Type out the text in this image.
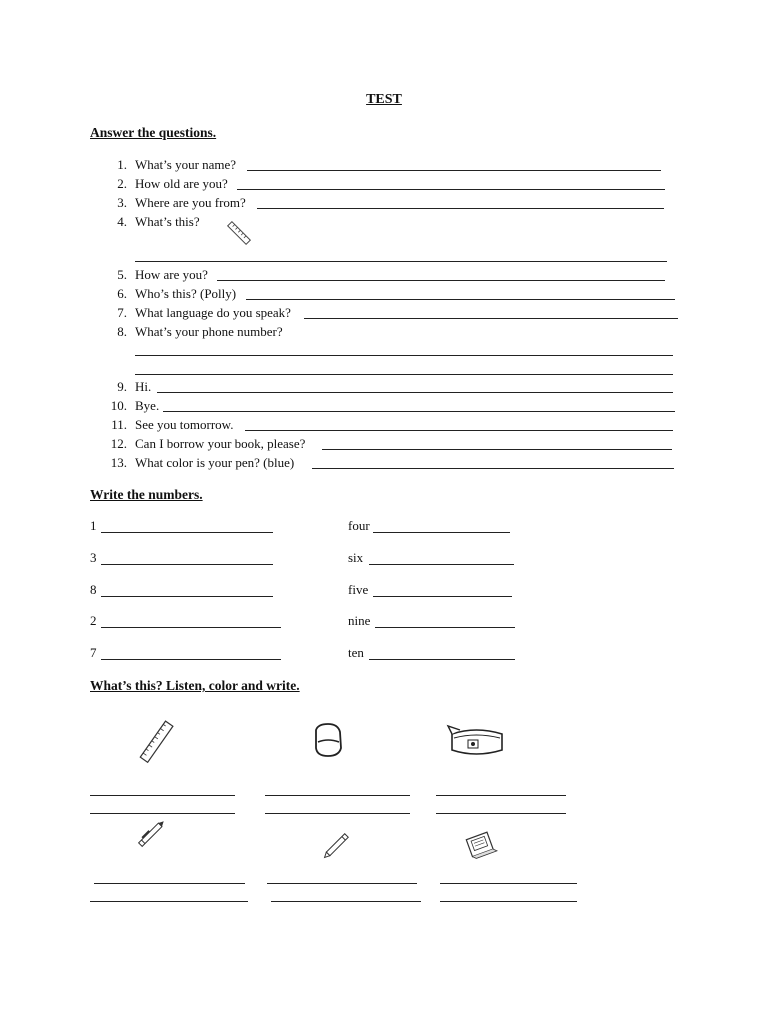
TEST
Answer the questions.
1. What’s your name?
2. How old are you?
3. Where are you from?
4. What’s this?
5. How are you?
6. Who’s this? (Polly)
7. What language do you speak?
8. What’s your phone number?
9. Hi.
10. Bye.
11. See you tomorrow.
12. Can I borrow your book, please?
13. What color is your pen? (blue)
Write the numbers.
1
3
8
2
7
four
six
five
nine
ten
What’s this? Listen, color and write.
